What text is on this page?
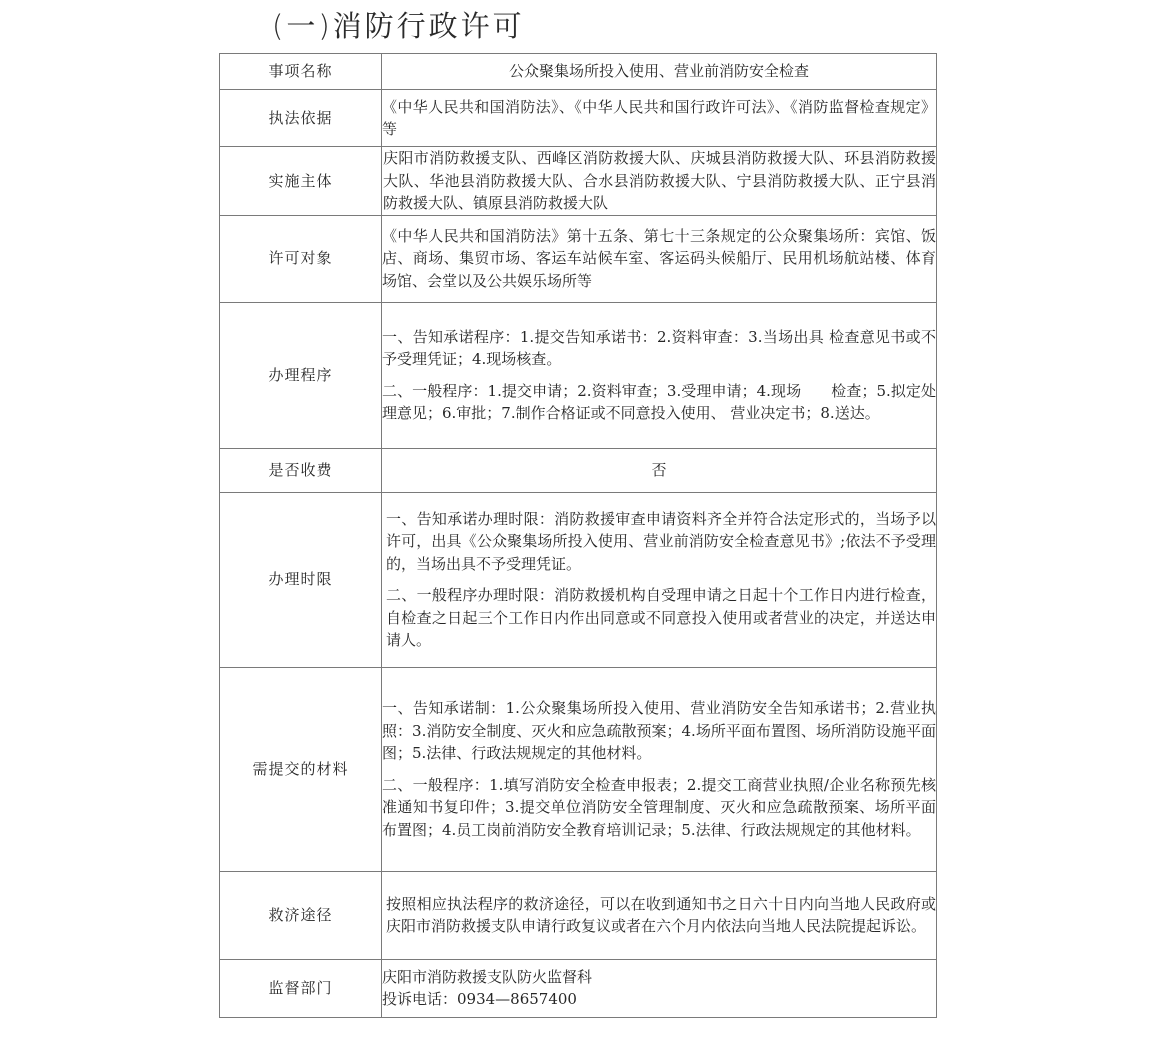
(一)消防行政许可
事项名称	公众聚集场所投入使用、营业前消防安全检查

执法依据	《中华人民共和国消防法》、《中华人民共和国行政许可法》、《消防监督检查规定》等

实施主体	庆阳市消防救援支队、西峰区消防救援大队、庆城县消防救援大队、环县消防救援大队、华池县消防救援大队、合水县消防救援大队、宁县消防救援大队、正宁县消防救援大队、镇原县消防救援大队

许可对象	《中华人民共和国消防法》第十五条、第七十三条规定的公众聚集场所：宾馆、饭店、商场、集贸市场、客运车站候车室、客运码头候船厅、民用机场航站楼、体育场馆、会堂以及公共娱乐场所等

办理程序	一、告知承诺程序：1.提交告知承诺书：2.资料审查：3.当场出具 检查意见书或不予受理凭证；4.现场核查。

二、一般程序：1.提交申请；2.资料审查；3.受理申请；4.现场　　检查；5.拟定处理意见；6.审批；7.制作合格证或不同意投入使用、 营业决定书；8.送达。

是否收费	否

办理时限	一、告知承诺办理时限：消防救援审查申请资料齐全并符合法定形式的，当场予以许可，出具《公众聚集场所投入使用、营业前消防安全检查意见书》;依法不予受理的，当场出具不予受理凭证。

二、一般程序办理时限：消防救援机构自受理申请之日起十个工作日内进行检查，自检查之日起三个工作日内作出同意或不同意投入使用或者营业的决定，并送达申请人。

需提交的材料	一、告知承诺制：1.公众聚集场所投入使用、营业消防安全告知承诺书；2.营业执照：3.消防安全制度、灭火和应急疏散预案；4.场所平面布置图、场所消防设施平面图；5.法律、行政法规规定的其他材料。

二、一般程序：1.填写消防安全检查申报表；2.提交工商营业执照/企业名称预先核准通知书复印件；3.提交单位消防安全管理制度、灭火和应急疏散预案、场所平面布置图；4.员工岗前消防安全教育培训记录；5.法律、行政法规规定的其他材料。

救济途径	按照相应执法程序的救济途径，可以在收到通知书之日六十日内向当地人民政府或庆阳市消防救援支队申请行政复议或者在六个月内依法向当地人民法院提起诉讼。

监督部门	庆阳市消防救援支队防火监督科

投诉电话：0934—8657400
